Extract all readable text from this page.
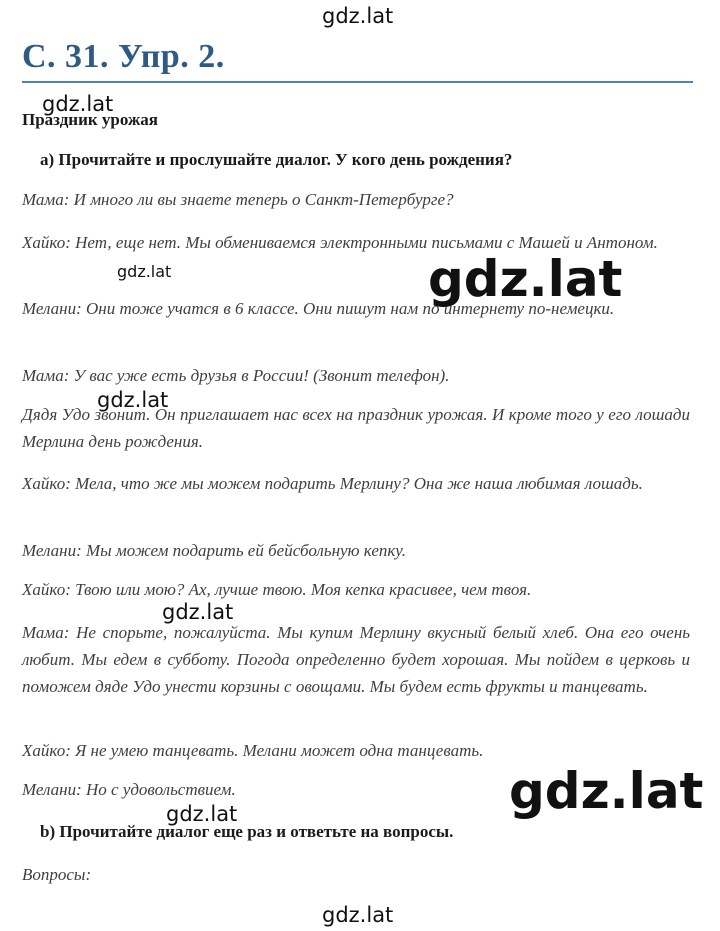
gdz.lat
С. 31. Упр. 2.
Праздник урожая
gdz.lat
a) Прочитайте и прослушайте диалог. У кого день рождения?
Мама: И много ли вы знаете теперь о Санкт-Петербурге?
Хайко: Нет, еще нет. Мы обмениваемся электронными письмами с Машей и Антоном.
Мелани: Они тоже учатся в 6 классе. Они пишут нам по интернету по-немецки.
Мама: У вас уже есть друзья в России! (Звонит телефон).
Дядя Удо звонит. Он приглашает нас всех на праздник урожая. И кроме того у его лошади Мерлина день рождения.
Хайко: Мела, что же мы можем подарить Мерлину? Она же наша любимая лошадь.
Мелани: Мы можем подарить ей бейсбольную кепку.
Хайко: Твою или мою? Ах, лучше твою. Моя кепка красивее, чем твоя.
Мама: Не спорьте, пожалуйста. Мы купим Мерлину вкусный белый хлеб. Она его очень любит. Мы едем в субботу. Погода определенно будет хорошая. Мы пойдем в церковь и поможем дяде Удо унести корзины с овощами. Мы будем есть фрукты и танцевать.
Хайко: Я не умею танцевать. Мелани может одна танцевать.
Мелани: Но с удовольствием.
b) Прочитайте диалог еще раз и ответьте на вопросы.
Вопросы:
gdz.lat	gdz.lat
gdz.lat
gdz.lat
gdz.lat
gdz.lat
gdz.lat
